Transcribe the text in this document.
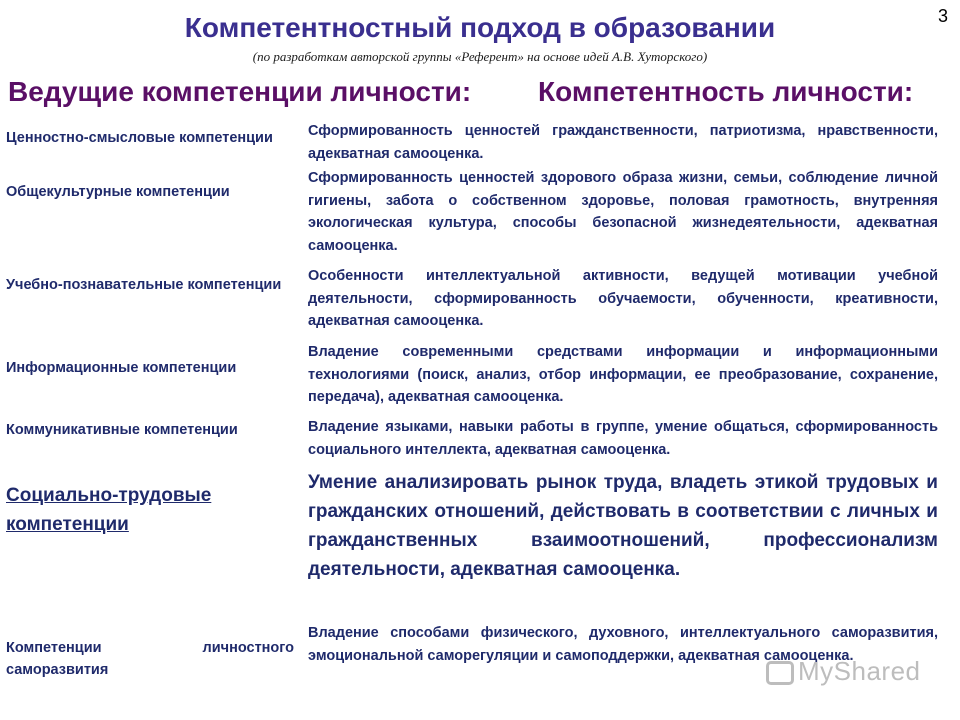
3
Компетентностный подход в образовании
(по разработкам авторской группы «Референт» на основе идей А.В. Хуторского)
Ведущие компетенции личности: Компетентность личности:
Ценностно-смысловые компетенции	Сформированность ценностей гражданственности, патриотизма, нравственности, адекватная самооценка.
Общекультурные компетенции
Сформированность ценностей здорового образа жизни, семьи, соблюдение личной гигиены, забота о собственном здоровье, половая грамотность, внутренняя экологическая культура, способы безопасной жизнедеятельности, адекватная самооценка.
Учебно-познавательные компетенции
Особенности интеллектуальной активности, ведущей мотивации учебной деятельности, сформированность обучаемости, обученности, креативности, адекватная самооценка.
Информационные компетенции
Владение современными средствами информации и информационными технологиями (поиск, анализ, отбор информации, ее преобразование, сохранение, передача), адекватная самооценка.
Коммуникативные компетенции	Владение языками, навыки работы в группе, умение общаться, сформированность социального интеллекта, адекватная самооценка.
Социально-трудовые компетенции
Умение анализировать рынок труда, владеть этикой трудовых и гражданских отношений, действовать в соответствии с личных и гражданственных взаимоотношений, профессионализм деятельности, адекватная самооценка.
Компетенции личностного саморазвития
Владение способами физического, духовного, интеллектуального саморазвития, эмоциональной саморегуляции и самоподдержки, адекватная самооценка.
MyShared
